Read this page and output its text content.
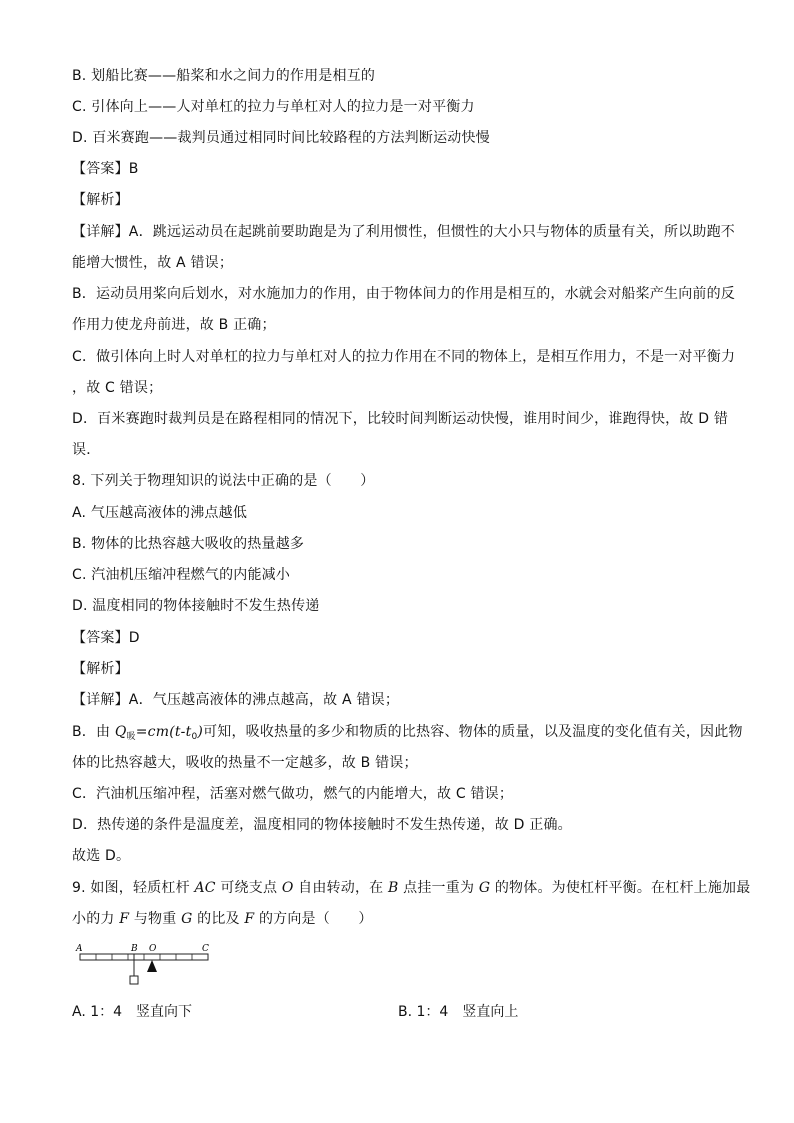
B. 划船比赛——船桨和水之间力的作用是相互的
C. 引体向上——人对单杠的拉力与单杠对人的拉力是一对平衡力
D. 百米赛跑——裁判员通过相同时间比较路程的方法判断运动快慢
【答案】B
【解析】
【详解】A．跳远运动员在起跳前要助跑是为了利用惯性，但惯性的大小只与物体的质量有关，所以助跑不
能增大惯性，故 A 错误；
B．运动员用桨向后划水，对水施加力的作用，由于物体间力的作用是相互的，水就会对船桨产生向前的反
作用力使龙舟前进，故 B 正确；
C．做引体向上时人对单杠的拉力与单杠对人的拉力作用在不同的物体上，是相互作用力，不是一对平衡力
，故 C 错误；
D．百米赛跑时裁判员是在路程相同的情况下，比较时间判断运动快慢，谁用时间少，谁跑得快，故 D 错
误．
8. 下列关于物理知识的说法中正确的是（　　）
A. 气压越高液体的沸点越低
B. 物体的比热容越大吸收的热量越多
C. 汽油机压缩冲程燃气的内能减小
D. 温度相同的物体接触时不发生热传递
【答案】D
【解析】
【详解】A．气压越高液体的沸点越高，故 A 错误；
B．由 $Q_吸=cm(t-t_0)$可知，吸收热量的多少和物质的比热容、物体的质量，以及温度的变化值有关，因此物
体的比热容越大，吸收的热量不一定越多，故 B 错误；
C．汽油机压缩冲程，活塞对燃气做功，燃气的内能增大，故 C 错误；
D．热传递的条件是温度差，温度相同的物体接触时不发生热传递，故 D 正确。
故选 D。
9. 如图，轻质杠杆 AC 可绕支点 O 自由转动，在 B 点挂一重为 G 的物体。为使杠杆平衡。在杠杆上施加最
小的力 F 与物重 G 的比及 F 的方向是（　　）
A	B O	C
A. 1：4　竖直向下	B. 1：4　竖直向上
